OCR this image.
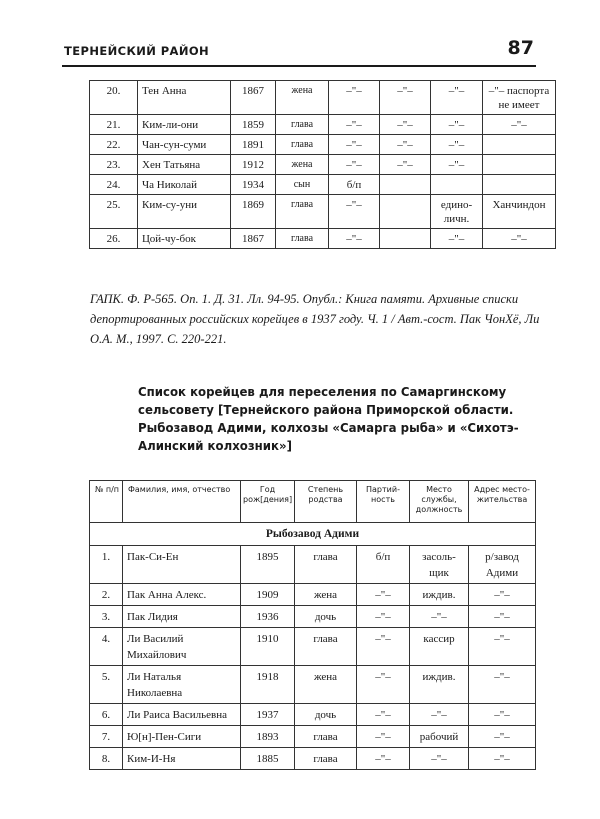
ТЕРНЕЙСКИЙ РАЙОН	87
20.	Тен Анна	1867	жена	–"–	–"–	–"–	–"– паспорта не имеет
21.	Ким-ли-они	1859	глава	–"–	–"–	–"–	–"–
22.	Чан-сун-суми	1891	глава	–"–	–"–	–"–	
23.	Хен Татьяна	1912	жена	–"–	–"–	–"–	
24.	Ча Николай	1934	сын	б/п			
25.	Ким-су-уни	1869	глава	–"–		едино-личн.	Ханчиндон
26.	Цой-чу-бок	1867	глава	–"–		–"–	–"–
ГАПК. Ф. Р-565. Оп. 1. Д. 31. Лл. 94-95. Опубл.: Книга памяти. Архивные списки депортированных российских корейцев в 1937 году. Ч. 1 / Авт.-сост. Пак ЧонХё, Ли О.А. М., 1997. С. 220-221.
Список корейцев для переселения по Самаргинскому сельсовету [Тернейского района Приморской области. Рыбозавод Адими, колхозы «Самарга рыба» и «Сихотэ-Алинский колхозник»]
№ п/п	Фамилия, имя, отчество	Год рож[дения]	Степень родства	Партий-ность	Место службы, должность	Адрес место-жительства
Рыбозавод Адими						
1.	Пак-Си-Ен	1895	глава	б/п	засоль-щик	р/завод Адими
2.	Пак Анна Алекс.	1909	жена	–"–	иждив.	–"–
3.	Пак Лидия	1936	дочь	–"–	–"–	–"–
4.	Ли Василий Михайлович	1910	глава	–"–	кассир	–"–
5.	Ли Наталья Николаевна	1918	жена	–"–	иждив.	–"–
6.	Ли Раиса Васильевна	1937	дочь	–"–	–"–	–"–
7.	Ю[н]-Пен-Сиги	1893	глава	–"–	рабочий	–"–
8.	Ким-И-Ня	1885	глава	–"–	–"–	–"–
